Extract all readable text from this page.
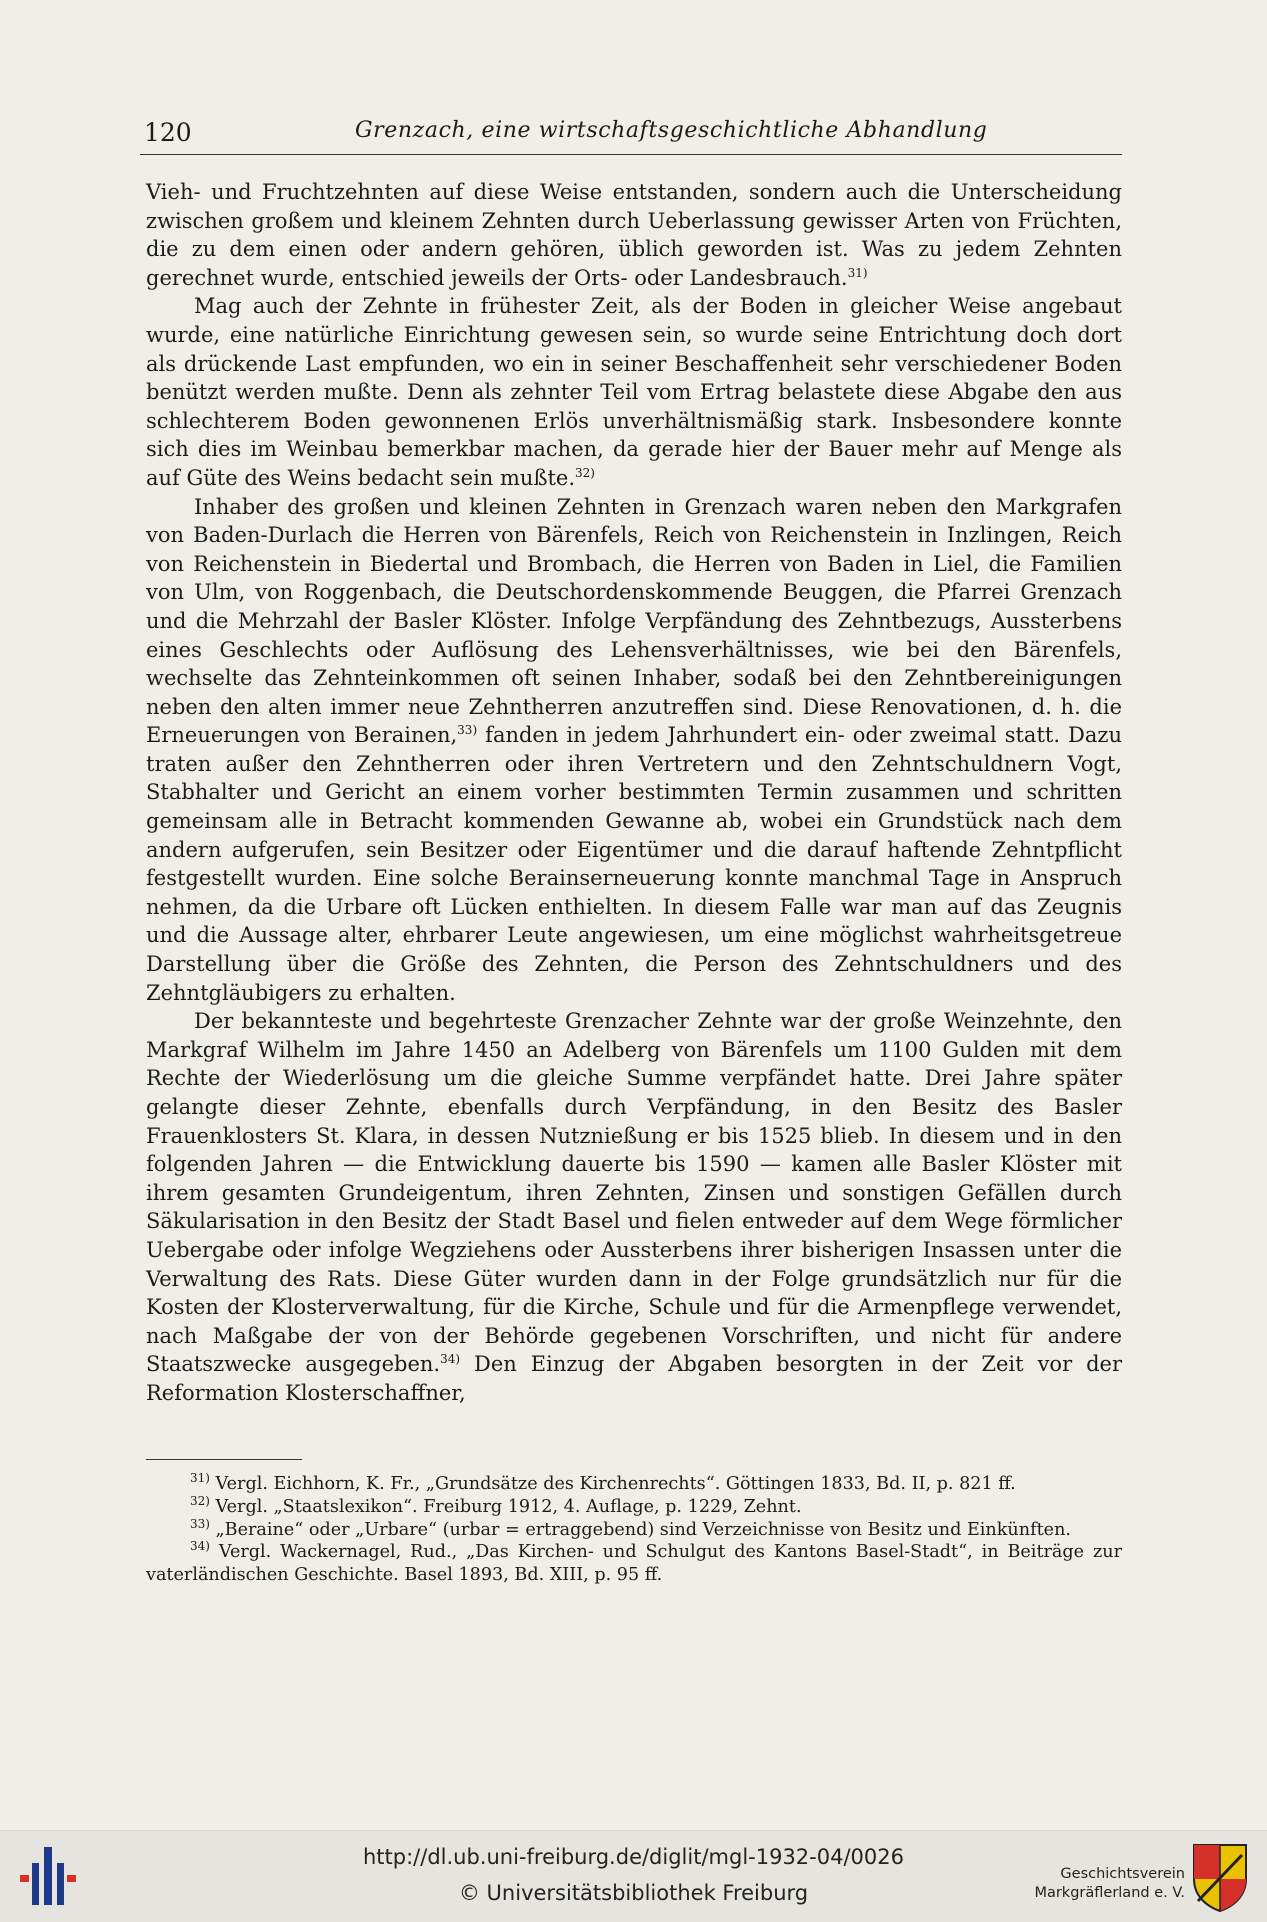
120	Grenzach, eine wirtschaftsgeschichtliche Abhandlung

Vieh- und Fruchtzehnten auf diese Weise entstanden, sondern auch die Unterscheidung zwischen großem und kleinem Zehnten durch Ueberlassung gewisser Arten von Früchten, die zu dem einen oder andern gehören, üblich geworden ist. Was zu jedem Zehnten gerechnet wurde, entschied jeweils der Orts- oder Landesbrauch.$^{31)}$

Mag auch der Zehnte in frühester Zeit, als der Boden in gleicher Weise angebaut wurde, eine natürliche Einrichtung gewesen sein, so wurde seine Entrichtung doch dort als drückende Last empfunden, wo ein in seiner Beschaffenheit sehr verschiedener Boden benützt werden mußte. Denn als zehnter Teil vom Ertrag belastete diese Abgabe den aus schlechterem Boden gewonnenen Erlös unverhältnismäßig stark. Insbesondere konnte sich dies im Weinbau bemerkbar machen, da gerade hier der Bauer mehr auf Menge als auf Güte des Weins bedacht sein mußte.$^{32)}$

Inhaber des großen und kleinen Zehnten in Grenzach waren neben den Markgrafen von Baden-Durlach die Herren von Bärenfels, Reich von Reichenstein in Inzlingen, Reich von Reichenstein in Biedertal und Brombach, die Herren von Baden in Liel, die Familien von Ulm, von Roggenbach, die Deutschordenskommende Beuggen, die Pfarrei Grenzach und die Mehrzahl der Basler Klöster. Infolge Verpfändung des Zehntbezugs, Aussterbens eines Geschlechts oder Auflösung des Lehensverhältnisses, wie bei den Bärenfels, wechselte das Zehnteinkommen oft seinen Inhaber, sodaß bei den Zehntbereinigungen neben den alten immer neue Zehntherren anzutreffen sind. Diese Renovationen, d. h. die Erneuerungen von Berainen,$^{33)}$ fanden in jedem Jahrhundert ein- oder zweimal statt. Dazu traten außer den Zehntherren oder ihren Vertretern und den Zehntschuldnern Vogt, Stabhalter und Gericht an einem vorher bestimmten Termin zusammen und schritten gemeinsam alle in Betracht kommenden Gewanne ab, wobei ein Grundstück nach dem andern aufgerufen, sein Besitzer oder Eigentümer und die darauf haftende Zehntpflicht festgestellt wurden. Eine solche Berainserneuerung konnte manchmal Tage in Anspruch nehmen, da die Urbare oft Lücken enthielten. In diesem Falle war man auf das Zeugnis und die Aussage alter, ehrbarer Leute angewiesen, um eine möglichst wahrheitsgetreue Darstellung über die Größe des Zehnten, die Person des Zehntschuldners und des Zehntgläubigers zu erhalten.

Der bekannteste und begehrteste Grenzacher Zehnte war der große Weinzehnte, den Markgraf Wilhelm im Jahre 1450 an Adelberg von Bärenfels um 1100 Gulden mit dem Rechte der Wiederlösung um die gleiche Summe verpfändet hatte. Drei Jahre später gelangte dieser Zehnte, ebenfalls durch Verpfändung, in den Besitz des Basler Frauenklosters St. Klara, in dessen Nutznießung er bis 1525 blieb. In diesem und in den folgenden Jahren — die Entwicklung dauerte bis 1590 — kamen alle Basler Klöster mit ihrem gesamten Grundeigentum, ihren Zehnten, Zinsen und sonstigen Gefällen durch Säkularisation in den Besitz der Stadt Basel und fielen entweder auf dem Wege förmlicher Uebergabe oder infolge Wegziehens oder Aussterbens ihrer bisherigen Insassen unter die Verwaltung des Rats. Diese Güter wurden dann in der Folge grundsätzlich nur für die Kosten der Klosterverwaltung, für die Kirche, Schule und für die Armenpflege verwendet, nach Maßgabe der von der Behörde gegebenen Vorschriften, und nicht für andere Staatszwecke ausgegeben.$^{34)}$ Den Einzug der Abgaben besorgten in der Zeit vor der Reformation Klosterschaffner,

$^{31)}$ Vergl. Eichhorn, K. Fr., „Grundsätze des Kirchenrechts“. Göttingen 1833, Bd. II, p. 821 ff.

$^{32)}$ Vergl. „Staatslexikon“. Freiburg 1912, 4. Auflage, p. 1229, Zehnt.

$^{33)}$ „Beraine“ oder „Urbare“ (urbar = ertraggebend) sind Verzeichnisse von Besitz und Einkünften.

$^{34)}$ Vergl. Wackernagel, Rud., „Das Kirchen- und Schulgut des Kantons Basel-Stadt“, in Beiträge zur vaterländischen Geschichte. Basel 1893, Bd. XIII, p. 95 ff.

http://dl.ub.uni-freiburg.de/diglit/mgl-1932-04/0026
© Universitätsbibliothek Freiburg
Geschichtsverein
Markgräflerland e. V.
